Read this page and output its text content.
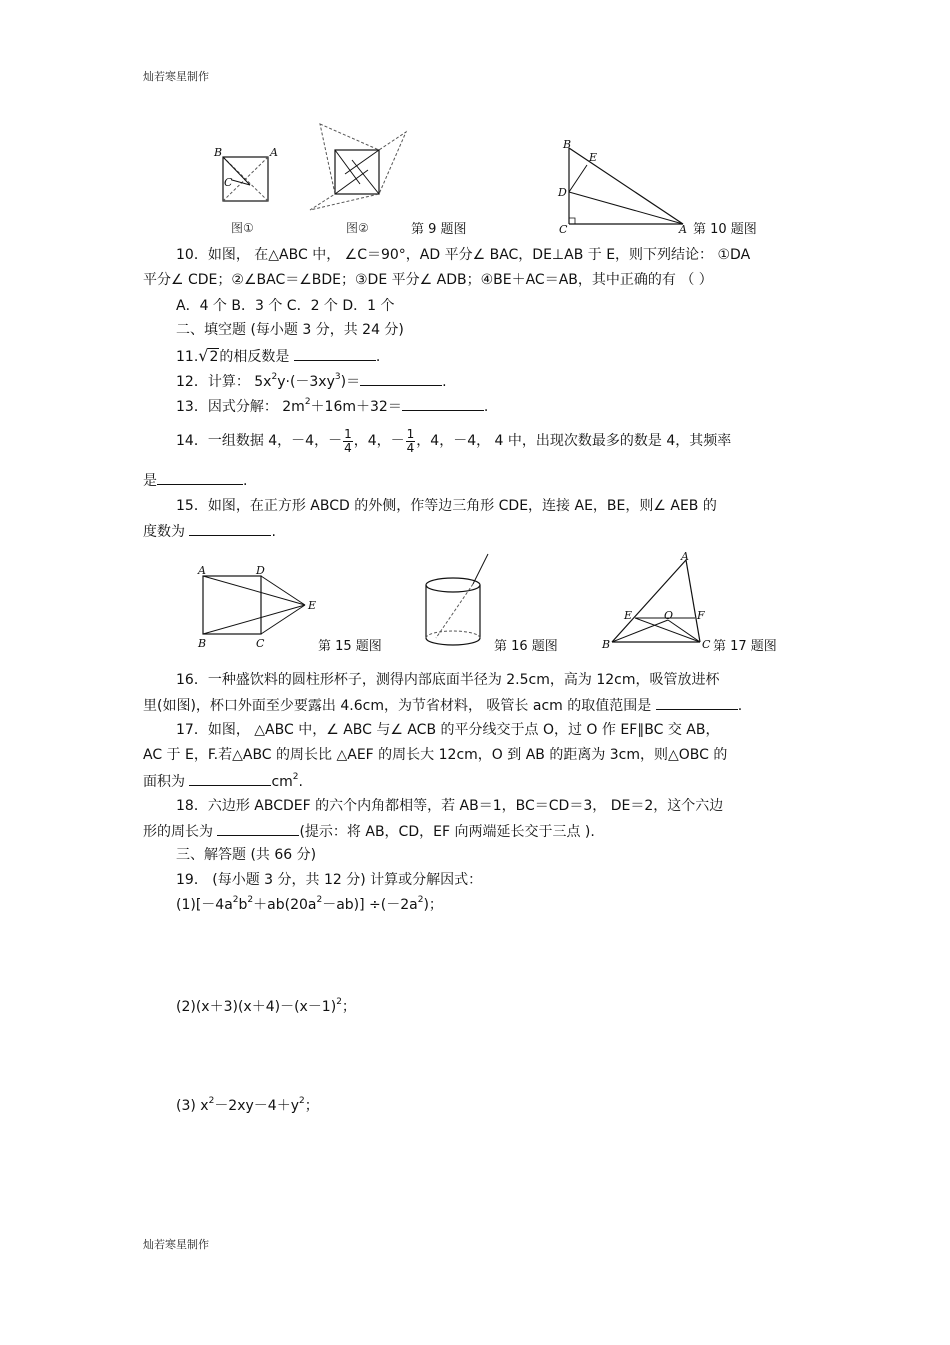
灿若寒星制作
灿若寒星制作
B	A
C
图①	图②	第 9 题图
B
E
D
C	A 第 10 题图
10．如图， 在△ABC 中， ∠C＝90°，AD 平分∠ BAC，DE⊥AB 于 E，则下列结论： ①DA
平分∠ CDE；②∠BAC＝∠BDE；③DE 平分∠ ADB；④BE＋AC＝AB，其中正确的有 （ ）
A．4 个 B．3 个 C．2 个 D．1 个
二、填空题 (每小题 3 分，共 24 分)
11.√2的相反数是	.
12．计算： $5x^2y\cdot(-3xy^3)=$	.
13．因式分解： $2m^2+16m+32=$	.
14．一组数据 4，－4，－ $\frac{1}{4}$ ，4，－ $\frac{1}{4}$ ，4，－4， 4 中，出现次数最多的数是 4，其频率
是	.
15．如图，在正方形 ABCD 的外侧，作等边三角形 CDE，连接 AE，BE，则∠ AEB 的
度数为	.
A	D
E
B	C	第 15 题图	第 16 题图
A
E	O F
B	C 第 17 题图
16．一种盛饮料的圆柱形杯子，测得内部底面半径为 2.5cm，高为 12cm，吸管放进杯
里(如图)，杯口外面至少要露出 4.6cm，为节省材料， 吸管长 acm 的取值范围是	.
17．如图， △ABC 中，∠ ABC 与∠ ACB 的平分线交于点 O，过 O 作 EF∥BC 交 AB，
AC 于 E，F.若△ABC 的周长比 △AEF 的周长大 12cm，O 到 AB 的距离为 3cm，则△OBC 的
面积为	$cm^2$.
18．六边形 ABCDEF 的六个内角都相等，若 AB＝1，BC＝CD＝3， DE＝2，这个六边
形的周长为	(提示：将 AB，CD，EF 向两端延长交于三点 ).
三、解答题 (共 66 分)
19． (每小题 3 分，共 12 分) 计算或分解因式：
$(1)[-4a^2b^2+ab(20a^2-ab)] \div(-2a^2)$；
$(2)(x+3)(x+4)-(x-1)^2$；
(3) $x^2-2xy-4+y^2$；
